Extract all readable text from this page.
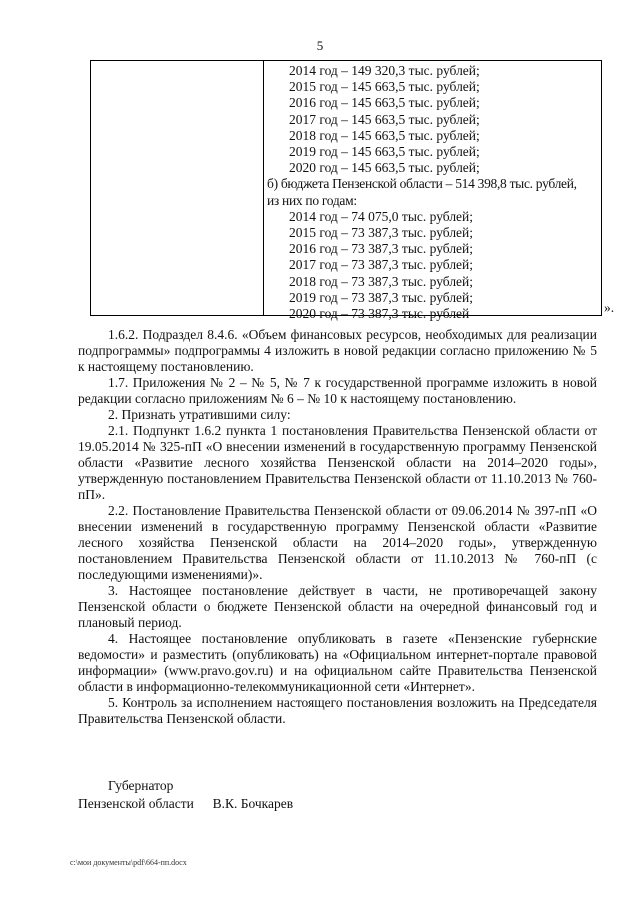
5
2014 год – 149 320,3 тыс. рублей;
2015 год – 145 663,5 тыс. рублей;
2016 год – 145 663,5 тыс. рублей;
2017 год – 145 663,5 тыс. рублей;
2018 год – 145 663,5 тыс. рублей;
2019 год – 145 663,5 тыс. рублей;
2020 год – 145 663,5 тыс. рублей;
б) бюджета Пензенской области – 514 398,8 тыс. рублей,
из них по годам:
2014 год – 74 075,0 тыс. рублей;
2015 год – 73 387,3 тыс. рублей;
2016 год – 73 387,3 тыс. рублей;
2017 год – 73 387,3 тыс. рублей;
2018 год – 73 387,3 тыс. рублей;
2019 год – 73 387,3 тыс. рублей;
2020 год – 73 387,3 тыс. рублей	».

1.6.2. Подраздел 8.4.6. «Объем финансовых ресурсов, необходимых для реализации подпрограммы» подпрограммы 4 изложить в новой редакции согласно приложению № 5 к настоящему постановлению.

1.7. Приложения № 2 – № 5, № 7 к государственной программе изложить в новой редакции согласно приложениям № 6 – № 10 к настоящему постановлению.

2. Признать утратившими силу:

2.1. Подпункт 1.6.2 пункта 1 постановления Правительства Пензенской области от 19.05.2014 № 325-пП «О внесении изменений в государственную программу Пензенской области «Развитие лесного хозяйства Пензенской области на 2014–2020 годы», утвержденную постановлением Правительства Пензенской области от 11.10.2013 № 760-пП».

2.2. Постановление Правительства Пензенской области от 09.06.2014 № 397-пП «О внесении изменений в государственную программу Пензенской области «Развитие лесного хозяйства Пензенской области на 2014–2020 годы», утвержденную постановлением Правительства Пензенской области от 11.10.2013 № 760-пП (с последующими изменениями)».

3. Настоящее постановление действует в части, не противоречащей закону Пензенской области о бюджете Пензенской области на очередной финансовый год и плановый период.

4. Настоящее постановление опубликовать в газете «Пензенские губернские ведомости» и разместить (опубликовать) на «Официальном интернет-портале правовой информации» (www.pravo.gov.ru) и на официальном сайте Правительства Пензенской области в информационно-телекоммуникационной сети «Интернет».

5. Контроль за исполнением настоящего постановления возложить на Председателя Правительства Пензенской области.

Губернатор
Пензенской области В.К. Бочкарев
c:\мои документы\pdf\664-пп.docx
